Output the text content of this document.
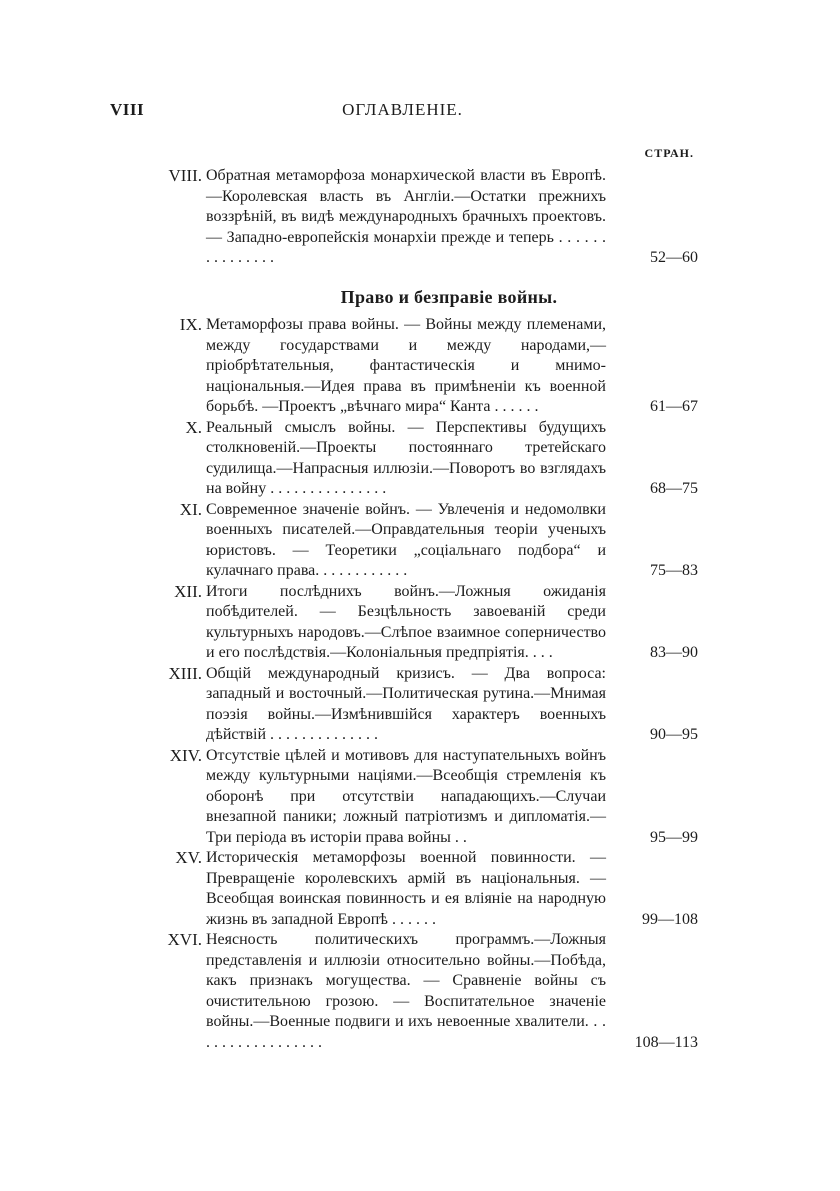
VIII	ОГЛАВЛЕНІЕ.
СТРАН.
VIII. Обратная метаморфоза монархической власти въ Европѣ.—Королевская власть въ Англіи.—Остатки прежнихъ воззрѣній, въ видѣ международныхъ брачныхъ проектовъ. — Западно-европейскія монархіи прежде и теперь . . . . . . . . . . . . . . .	52—60
Право и безправіе войны.
IX. Метаморфозы права войны. — Войны между племенами, между государствами и между народами,—пріобрѣтательныя, фантастическія и мнимо-національныя.—Идея права въ примѣненіи къ военной борьбѣ. —Проектъ „вѣчнаго мира“ Канта . . . . . .	61—67
X. Реальный смыслъ войны. — Перспективы будущихъ столкновеній.—Проекты постояннаго третейскаго судилища.—Напрасныя иллюзіи.—Поворотъ во взглядахъ на войну . . . . . . . . . . . . . . .	68—75
XI. Современное значеніе войнъ. — Увлеченія и недомолвки военныхъ писателей.—Оправдательныя теоріи ученыхъ юристовъ. — Теоретики „соціальнаго подбора“ и кулачнаго права. . . . . . . . . . . .	75—83
XII. Итоги послѣднихъ войнъ.—Ложныя ожиданія побѣдителей. — Безцѣльность завоеваній среди культурныхъ народовъ.—Слѣпое взаимное соперничество и его послѣдствія.—Колоніальныя предпріятія. . . .	83—90
XIII. Общій международный кризисъ. — Два вопроса: западный и восточный.—Политическая рутина.—Мнимая поэзія войны.—Измѣнившійся характеръ военныхъ дѣйствій . . . . . . . . . . . . . .	90—95
XIV. Отсутствіе цѣлей и мотивовъ для наступательныхъ войнъ между культурными націями.—Всеобщія стремленія къ оборонѣ при отсутствіи нападающихъ.—Случаи внезапной паники; ложный патріотизмъ и дипломатія.—Три періода въ исторіи права войны . .	95—99
XV. Историческія метаморфозы военной повинности. — Превращеніе королевскихъ армій въ національныя. — Всеобщая воинская повинность и ея вліяніе на народную жизнь въ западной Европѣ . . . . . .	99—108
XVI. Неясность политическихъ программъ.—Ложныя представленія и иллюзіи относительно войны.—Побѣда, какъ признакъ могущества. — Сравненіе войны съ очистительною грозою. — Воспитательное значеніе войны.—Военные подвиги и ихъ невоенные хвалители. . . . . . . . . . . . . . . . . .	108—113
